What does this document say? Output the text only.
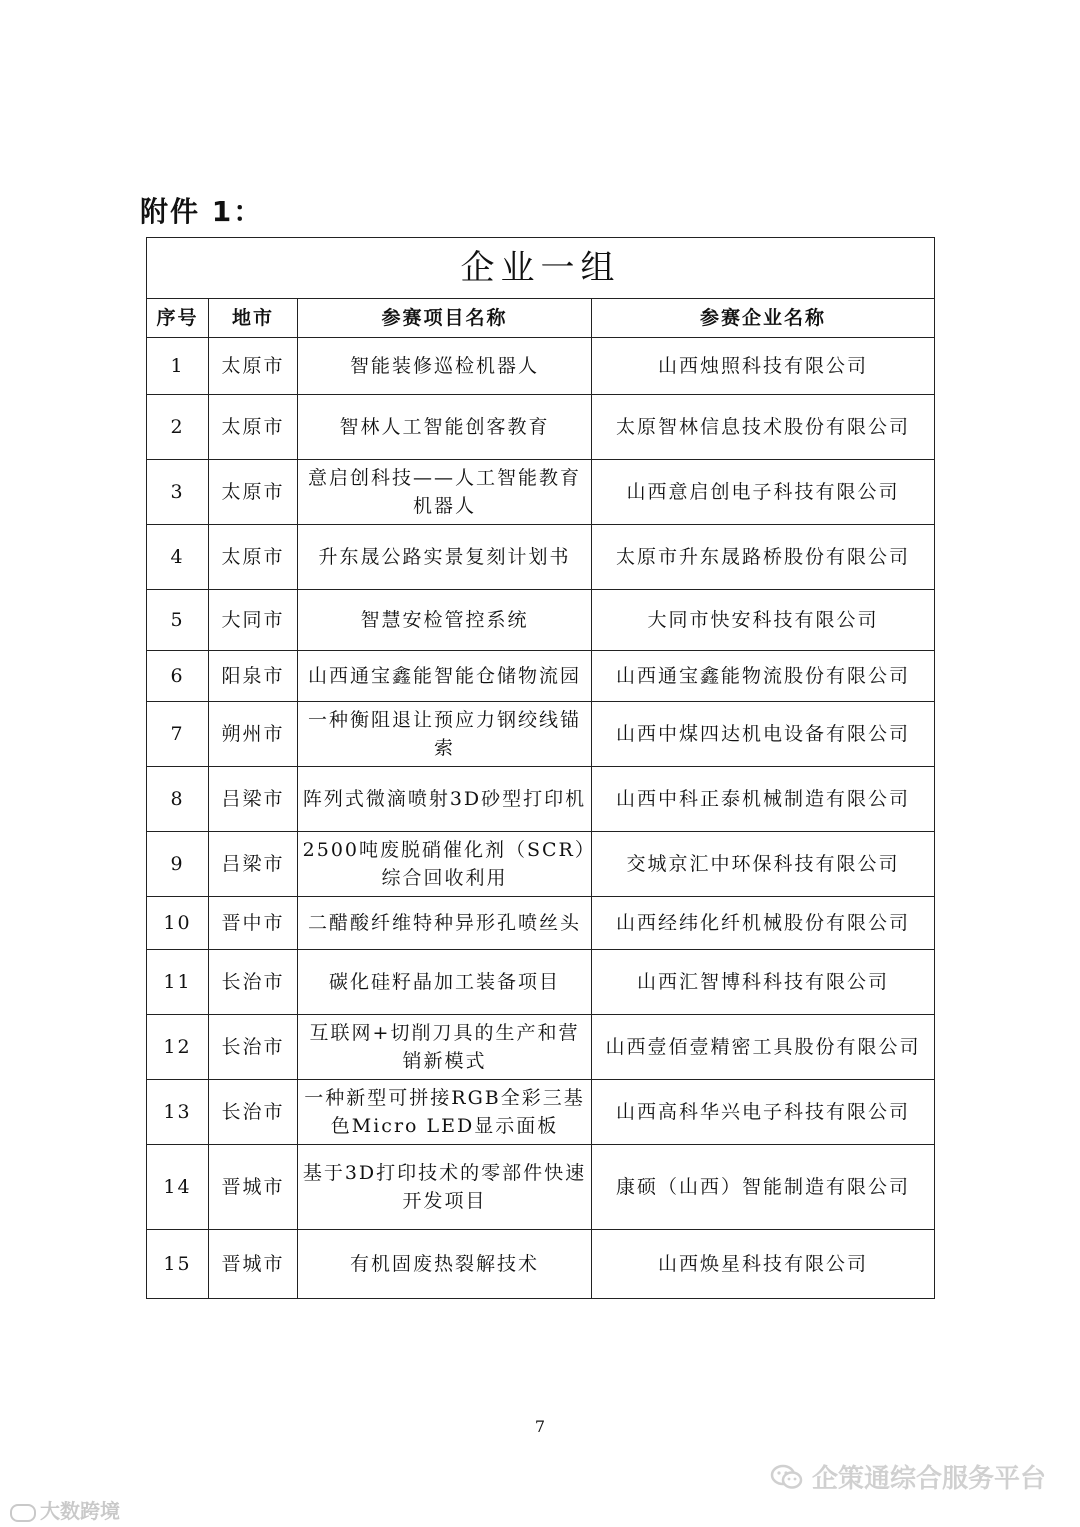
附件 1：
企业一组			
序号	地市	参赛项目名称	参赛企业名称
1	太原市	智能装修巡检机器人	山西烛照科技有限公司
2	太原市	智林人工智能创客教育	太原智林信息技术股份有限公司
3	太原市	意启创科技——人工智能教育机器人	山西意启创电子科技有限公司
4	太原市	升东晟公路实景复刻计划书	太原市升东晟路桥股份有限公司
5	大同市	智慧安检管控系统	大同市快安科技有限公司
6	阳泉市	山西通宝鑫能智能仓储物流园	山西通宝鑫能物流股份有限公司
7	朔州市	一种衡阻退让预应力钢绞线锚索	山西中煤四达机电设备有限公司
8	吕梁市	阵列式微滴喷射3D砂型打印机	山西中科正泰机械制造有限公司
9	吕梁市	2500吨废脱硝催化剂（SCR）综合回收利用	交城京汇中环保科技有限公司
10	晋中市	二醋酸纤维特种异形孔喷丝头	山西经纬化纤机械股份有限公司
11	长治市	碳化硅籽晶加工装备项目	山西汇智博科科技有限公司
12	长治市	互联网+切削刀具的生产和营销新模式	山西壹佰壹精密工具股份有限公司
13	长治市	一种新型可拼接RGB全彩三基色Micro LED显示面板	山西高科华兴电子科技有限公司
14	晋城市	基于3D打印技术的零部件快速开发项目	康硕（山西）智能制造有限公司
15	晋城市	有机固废热裂解技术	山西焕星科技有限公司
7
大数跨境
企策通综合服务平台
